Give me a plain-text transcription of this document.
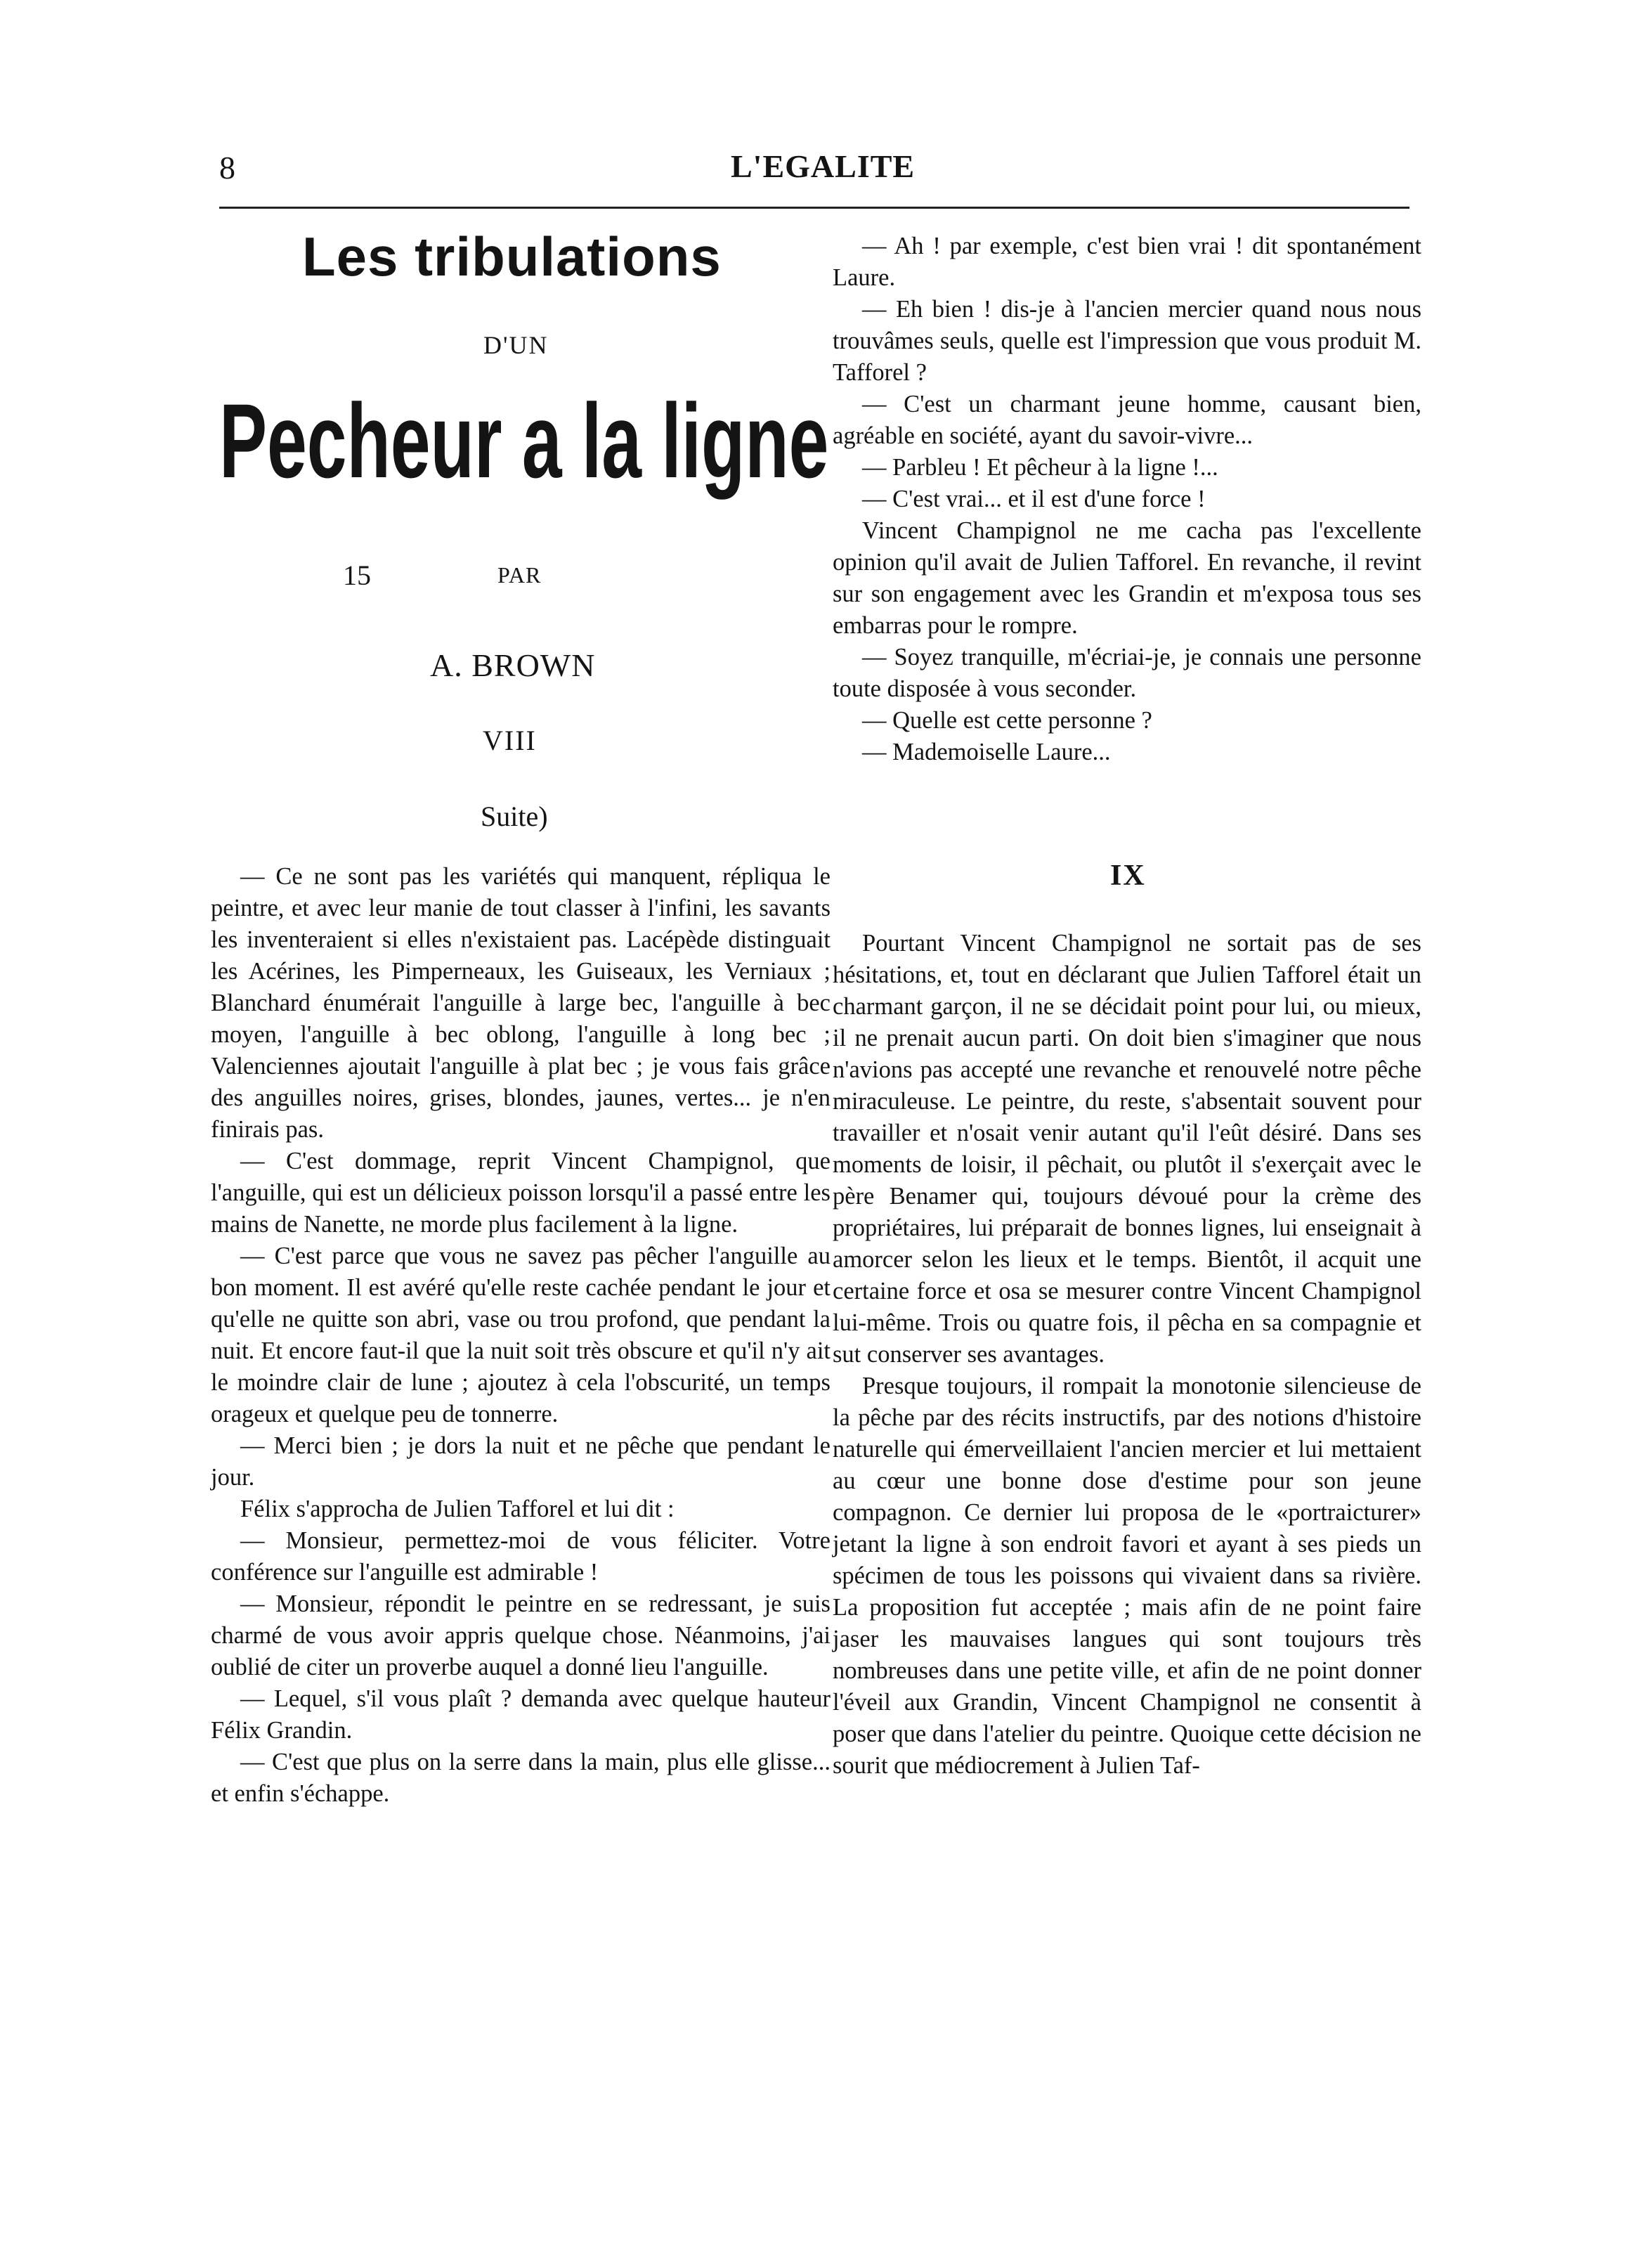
8	L'EGALITE
Les tribulations
D'UN
Pecheur a la ligne
15	PAR
A. BROWN
VIII
Suite)

— Ce ne sont pas les variétés qui manquent, répliqua le peintre, et avec leur manie de tout classer à l'infini, les savants les inventeraient si elles n'existaient pas. Lacépède distinguait les Acérines, les Pimperneaux, les Guiseaux, les Verniaux ; Blanchard énumérait l'anguille à large bec, l'anguille à bec moyen, l'anguille à bec oblong, l'anguille à long bec ; Valenciennes ajoutait l'anguille à plat bec ; je vous fais grâce des anguilles noires, grises, blondes, jaunes, vertes... je n'en finirais pas.

— C'est dommage, reprit Vincent Champignol, que l'anguille, qui est un délicieux poisson lorsqu'il a passé entre les mains de Nanette, ne morde plus facilement à la ligne.

— C'est parce que vous ne savez pas pêcher l'anguille au bon moment. Il est avéré qu'elle reste cachée pendant le jour et qu'elle ne quitte son abri, vase ou trou profond, que pendant la nuit. Et encore faut-il que la nuit soit très obscure et qu'il n'y ait le moindre clair de lune ; ajoutez à cela l'obscurité, un temps orageux et quelque peu de tonnerre.

— Merci bien ; je dors la nuit et ne pêche que pendant le jour.

Félix s'approcha de Julien Tafforel et lui dit :

— Monsieur, permettez-moi de vous féliciter. Votre conférence sur l'anguille est admirable !

— Monsieur, répondit le peintre en se redressant, je suis charmé de vous avoir appris quelque chose. Néanmoins, j'ai oublié de citer un proverbe auquel a donné lieu l'anguille.

— Lequel, s'il vous plaît ? demanda avec quelque hauteur Félix Grandin.

— C'est que plus on la serre dans la main, plus elle glisse... et enfin s'échappe.

— Ah ! par exemple, c'est bien vrai ! dit spontanément Laure.

— Eh bien ! dis-je à l'ancien mercier quand nous nous trouvâmes seuls, quelle est l'impression que vous produit M. Tafforel ?

— C'est un charmant jeune homme, causant bien, agréable en société, ayant du savoir-vivre...

— Parbleu ! Et pêcheur à la ligne !...

— C'est vrai... et il est d'une force !

Vincent Champignol ne me cacha pas l'excellente opinion qu'il avait de Julien Tafforel. En revanche, il revint sur son engagement avec les Grandin et m'exposa tous ses embarras pour le rompre.

— Soyez tranquille, m'écriai-je, je connais une personne toute disposée à vous seconder.

— Quelle est cette personne ?

— Mademoiselle Laure...

IX

Pourtant Vincent Champignol ne sortait pas de ses hésitations, et, tout en déclarant que Julien Tafforel était un charmant garçon, il ne se décidait point pour lui, ou mieux, il ne prenait aucun parti. On doit bien s'imaginer que nous n'avions pas accepté une revanche et renouvelé notre pêche miraculeuse. Le peintre, du reste, s'absentait souvent pour travailler et n'osait venir autant qu'il l'eût désiré. Dans ses moments de loisir, il pêchait, ou plutôt il s'exerçait avec le père Benamer qui, toujours dévoué pour la crème des propriétaires, lui préparait de bonnes lignes, lui enseignait à amorcer selon les lieux et le temps. Bientôt, il acquit une certaine force et osa se mesurer contre Vincent Champignol lui-même. Trois ou quatre fois, il pêcha en sa compagnie et sut conserver ses avantages.

Presque toujours, il rompait la monotonie silencieuse de la pêche par des récits instructifs, par des notions d'histoire naturelle qui émerveillaient l'ancien mercier et lui mettaient au cœur une bonne dose d'estime pour son jeune compagnon. Ce dernier lui proposa de le «portraicturer» jetant la ligne à son endroit favori et ayant à ses pieds un spécimen de tous les poissons qui vivaient dans sa rivière. La proposition fut acceptée ; mais afin de ne point faire jaser les mauvaises langues qui sont toujours très nombreuses dans une petite ville, et afin de ne point donner l'éveil aux Grandin, Vincent Champignol ne consentit à poser que dans l'atelier du peintre. Quoique cette décision ne sourit que médiocrement à Julien Taf-
